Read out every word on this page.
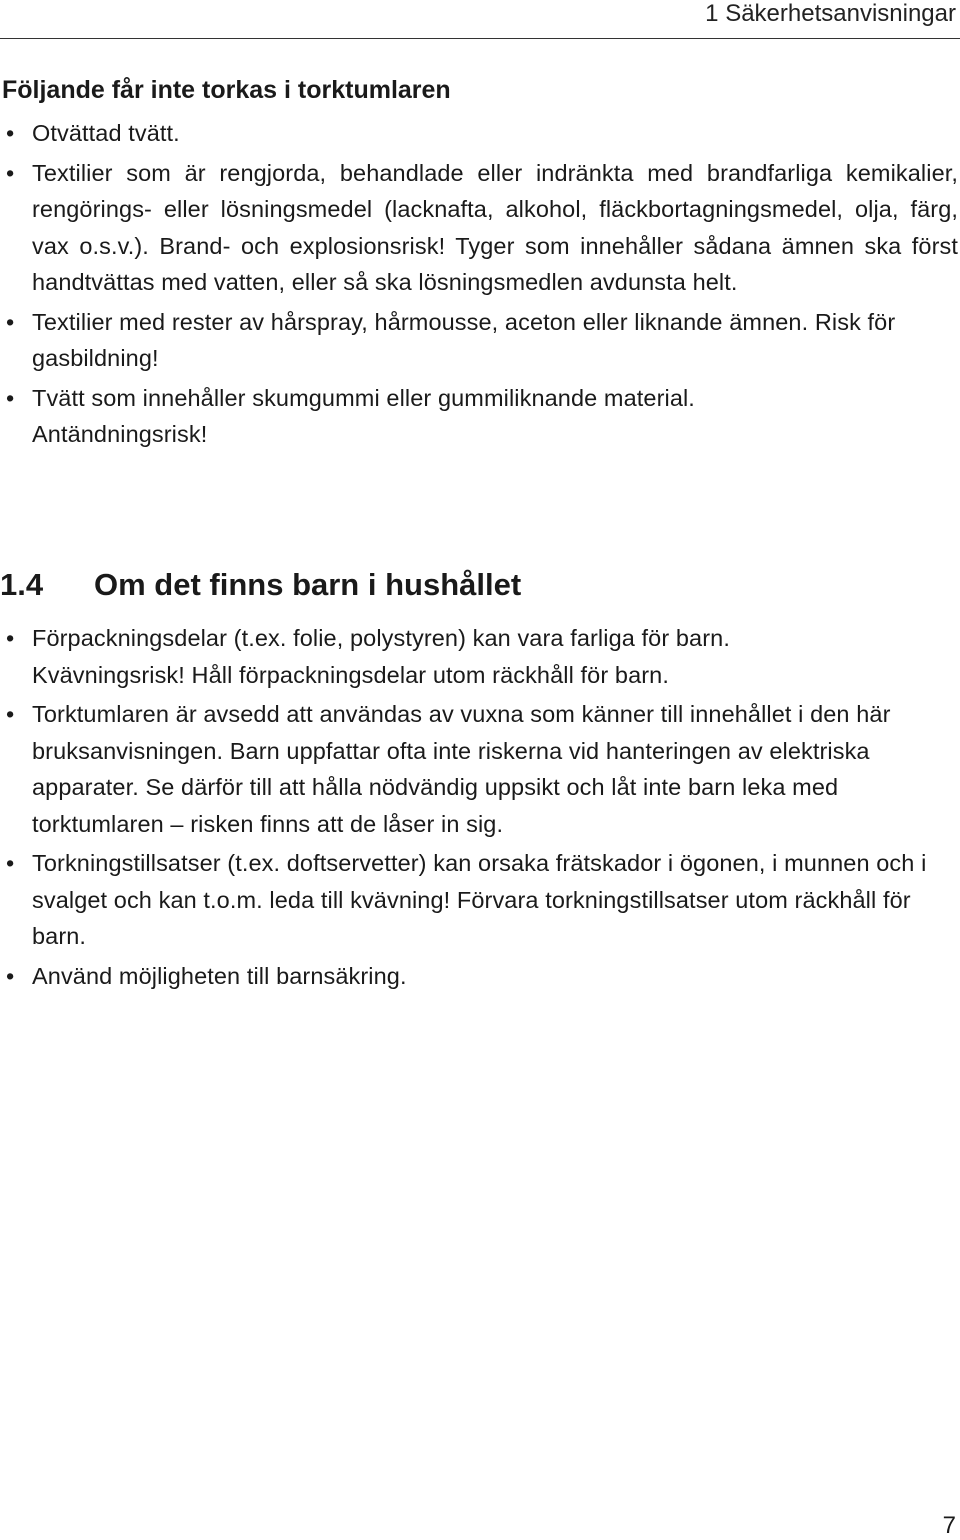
1 Säkerhetsanvisningar
Följande får inte torkas i torktumlaren
• Otvättad tvätt.
• Textilier som är rengjorda, behandlade eller indränkta med brandfarliga kemikalier, rengörings- eller lösningsmedel (lacknafta, alkohol, fläckbortagningsmedel, olja, färg, vax o.s.v.). Brand- och explosionsrisk! Tyger som innehåller sådana ämnen ska först handtvättas med vatten, eller så ska lösningsmedlen avdunsta helt.
• Textilier med rester av hårspray, hårmousse, aceton eller liknande ämnen. Risk för gasbildning!
• Tvätt som innehåller skumgummi eller gummiliknande material. Antändningsrisk!
1.4 Om det finns barn i hushållet
• Förpackningsdelar (t.ex. folie, polystyren) kan vara farliga för barn. Kvävningsrisk! Håll förpackningsdelar utom räckhåll för barn.
• Torktumlaren är avsedd att användas av vuxna som känner till innehållet i den här bruksanvisningen. Barn uppfattar ofta inte riskerna vid hanteringen av elektriska apparater. Se därför till att hålla nödvändig uppsikt och låt inte barn leka med torktumlaren – risken finns att de låser in sig.
• Torkningstillsatser (t.ex. doftservetter) kan orsaka frätskador i ögonen, i munnen och i svalget och kan t.o.m. leda till kvävning! Förvara torkningstillsatser utom räckhåll för barn.
• Använd möjligheten till barnsäkring.
7
